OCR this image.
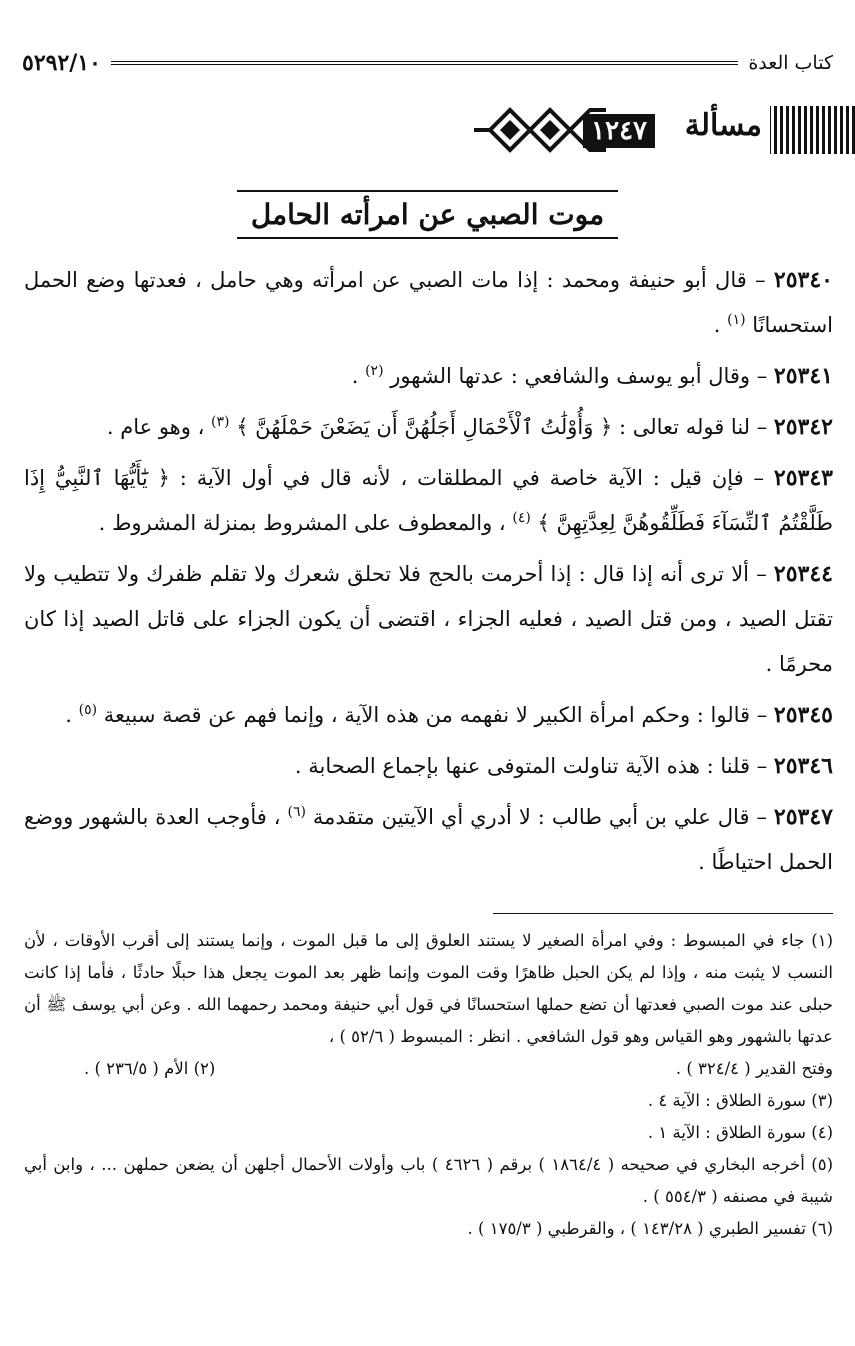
كتاب العدة
٥٢٩٢/١٠
مسألة
١٢٤٧
موت الصبي عن امرأته الحامل

٢٥٣٤٠ – قال أبو حنيفة ومحمد : إذا مات الصبي عن امرأته وهي حامل ، فعدتها وضع الحمل استحسانًا $^{(١)}$ .

٢٥٣٤١ – وقال أبو يوسف والشافعي : عدتها الشهور $^{(٢)}$ .

٢٥٣٤٢ – لنا قوله تعالى : ﴿ وَأُوْلَٰتُ ٱلْأَحْمَالِ أَجَلُهُنَّ أَن يَضَعْنَ حَمْلَهُنَّ ﴾ $^{(٣)}$ ، وهو عام .

٢٥٣٤٣ – فإن قيل : الآية خاصة في المطلقات ، لأنه قال في أول الآية : ﴿ يَٰٓأَيُّهَا ٱلنَّبِيُّ إِذَا طَلَّقْتُمُ ٱلنِّسَآءَ فَطَلِّقُوهُنَّ لِعِدَّتِهِنَّ ﴾ $^{(٤)}$ ، والمعطوف على المشروط بمنزلة المشروط .

٢٥٣٤٤ – ألا ترى أنه إذا قال : إذا أحرمت بالحج فلا تحلق شعرك ولا تقلم ظفرك ولا تتطيب ولا تقتل الصيد ، ومن قتل الصيد ، فعليه الجزاء ، اقتضى أن يكون الجزاء على قاتل الصيد إذا كان محرمًا .

٢٥٣٤٥ – قالوا : وحكم امرأة الكبير لا نفهمه من هذه الآية ، وإنما فهم عن قصة سبيعة $^{(٥)}$ .

٢٥٣٤٦ – قلنا : هذه الآية تناولت المتوفى عنها بإجماع الصحابة .

٢٥٣٤٧ – قال علي بن أبي طالب : لا أدري أي الآيتين متقدمة $^{(٦)}$ ، فأوجب العدة بالشهور ووضع الحمل احتياطًا .

(١) جاء في المبسوط : وفي امرأة الصغير لا يستند العلوق إلى ما قبل الموت ، وإنما يستند إلى أقرب الأوقات ، لأن النسب لا يثبت منه ، وإذا لم يكن الحبل ظاهرًا وقت الموت وإنما ظهر بعد الموت يجعل هذا حبلًا حادثًا ، فأما إذا كانت حبلى عند موت الصبي فعدتها أن تضع حملها استحسانًا في قول أبي حنيفة ومحمد رحمهما الله . وعن أبي يوسف ﷺ أن عدتها بالشهور وهو القياس وهو قول الشافعي . انظر : المبسوط ( ٥٢/٦ ) ،

وفتح القدير ( ٣٢٤/٤ ) .
(٢) الأم ( ٢٣٦/٥ ) .

(٣) سورة الطلاق : الآية ٤ .

(٤) سورة الطلاق : الآية ١ .

(٥) أخرجه البخاري في صحيحه ( ١٨٦٤/٤ ) برقم ( ٤٦٢٦ ) باب وأولات الأحمال أجلهن أن يضعن حملهن ... ، وابن أبي شيبة في مصنفه ( ٥٥٤/٣ ) .

(٦) تفسير الطبري ( ١٤٣/٢٨ ) ، والقرطبي ( ١٧٥/٣ ) .
